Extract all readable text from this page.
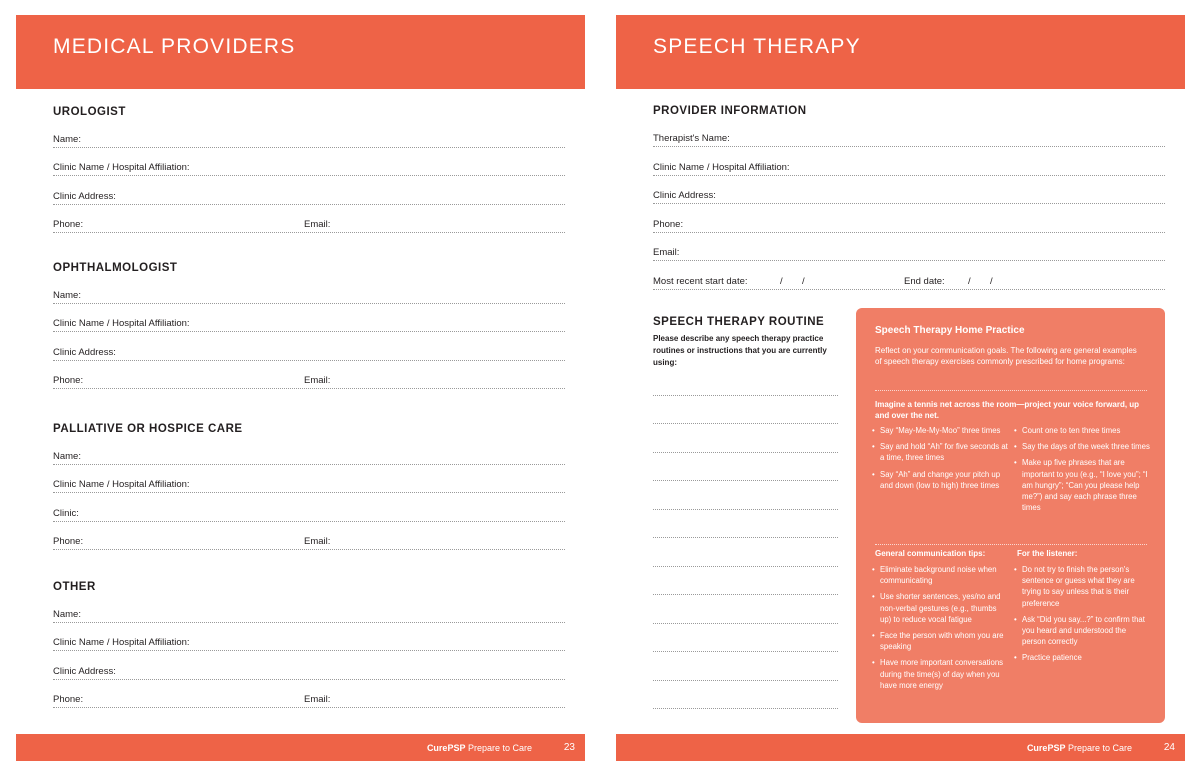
MEDICAL PROVIDERS
UROLOGIST
Name:
Clinic Name / Hospital Affiliation:
Clinic Address:
Phone:	Email:
OPHTHALMOLOGIST
Name:
Clinic Name / Hospital Affiliation:
Clinic Address:
Phone:	Email:
PALLIATIVE OR HOSPICE CARE
Name:
Clinic Name / Hospital Affiliation:
Clinic:
Phone:	Email:
OTHER
Name:
Clinic Name / Hospital Affiliation:
Clinic Address:
Phone:	Email:
CurePSP Prepare to Care	23
SPEECH THERAPY
PROVIDER INFORMATION
Therapist's Name:
Clinic Name / Hospital Affiliation:
Clinic Address:
Phone:
Email:
Most recent start date:	/ /	End date: / /
SPEECH THERAPY ROUTINE
Please describe any speech therapy practice routines or instructions that you are currently using:
Speech Therapy Home Practice
Reflect on your communication goals. The following are general examples of speech therapy exercises commonly prescribed for home programs:
Imagine a tennis net across the room—project your voice forward, up and over the net.
• Say “May-Me-My-Moo” three times
• Say and hold “Ah” for five seconds at a time, three times
• Say “Ah” and change your pitch up and down (low to high) three times
• Count one to ten three times
• Say the days of the week three times
• Make up five phrases that are important to you (e.g., “I love you”; “I am hungry”; “Can you please help me?”) and say each phrase three times
General communication tips:	For the listener:
• Eliminate background noise when communicating
• Use shorter sentences, yes/no and non-verbal gestures (e.g., thumbs up) to reduce vocal fatigue
• Face the person with whom you are speaking
• Have more important conversations during the time(s) of day when you have more energy
• Do not try to finish the person's sentence or guess what they are trying to say unless that is their preference
• Ask “Did you say...?” to confirm that you heard and understood the person correctly
• Practice patience
CurePSP Prepare to Care	24
